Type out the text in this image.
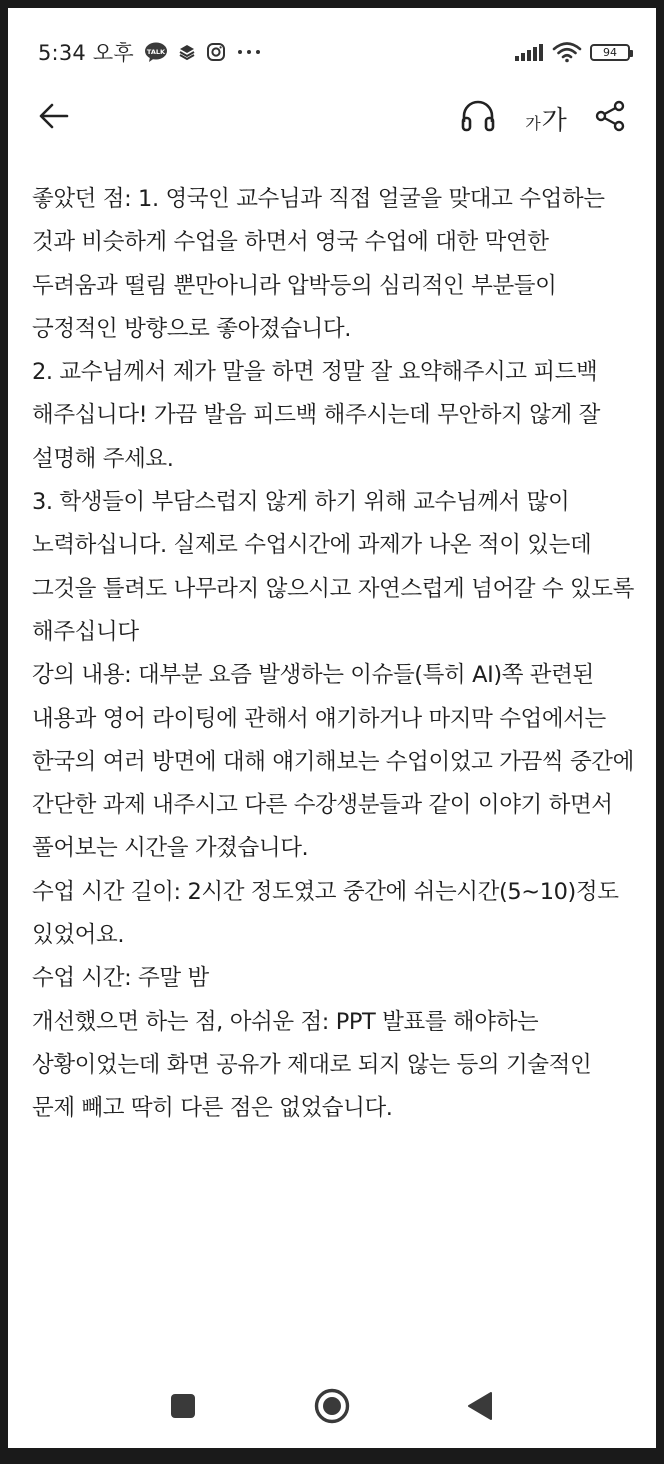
5:34 오후 TALK	94
가 가

좋았던 점: 1. 영국인 교수님과 직접 얼굴을 맞대고 수업하는 것과 비슷하게 수업을 하면서 영국 수업에 대한 막연한 두려움과 떨림 뿐만아니라 압박등의 심리적인 부분들이 긍정적인 방향으로 좋아졌습니다.

2. 교수님께서 제가 말을 하면 정말 잘 요약해주시고 피드백 해주십니다! 가끔 발음 피드백 해주시는데 무안하지 않게 잘 설명해 주세요.

3. 학생들이 부담스럽지 않게 하기 위해 교수님께서 많이 노력하십니다. 실제로 수업시간에 과제가 나온 적이 있는데 그것을 틀려도 나무라지 않으시고 자연스럽게 넘어갈 수 있도록 해주십니다

강의 내용: 대부분 요즘 발생하는 이슈들(특히 AI)쪽 관련된 내용과 영어 라이팅에 관해서 얘기하거나 마지막 수업에서는 한국의 여러 방면에 대해 얘기해보는 수업이었고 가끔씩 중간에 간단한 과제 내주시고 다른 수강생분들과 같이 이야기 하면서 풀어보는 시간을 가졌습니다.

수업 시간 길이: 2시간 정도였고 중간에 쉬는시간(5~10)정도 있었어요.

수업 시간: 주말 밤

개선했으면 하는 점, 아쉬운 점: PPT 발표를 해야하는 상황이었는데 화면 공유가 제대로 되지 않는 등의 기술적인 문제 빼고 딱히 다른 점은 없었습니다.
